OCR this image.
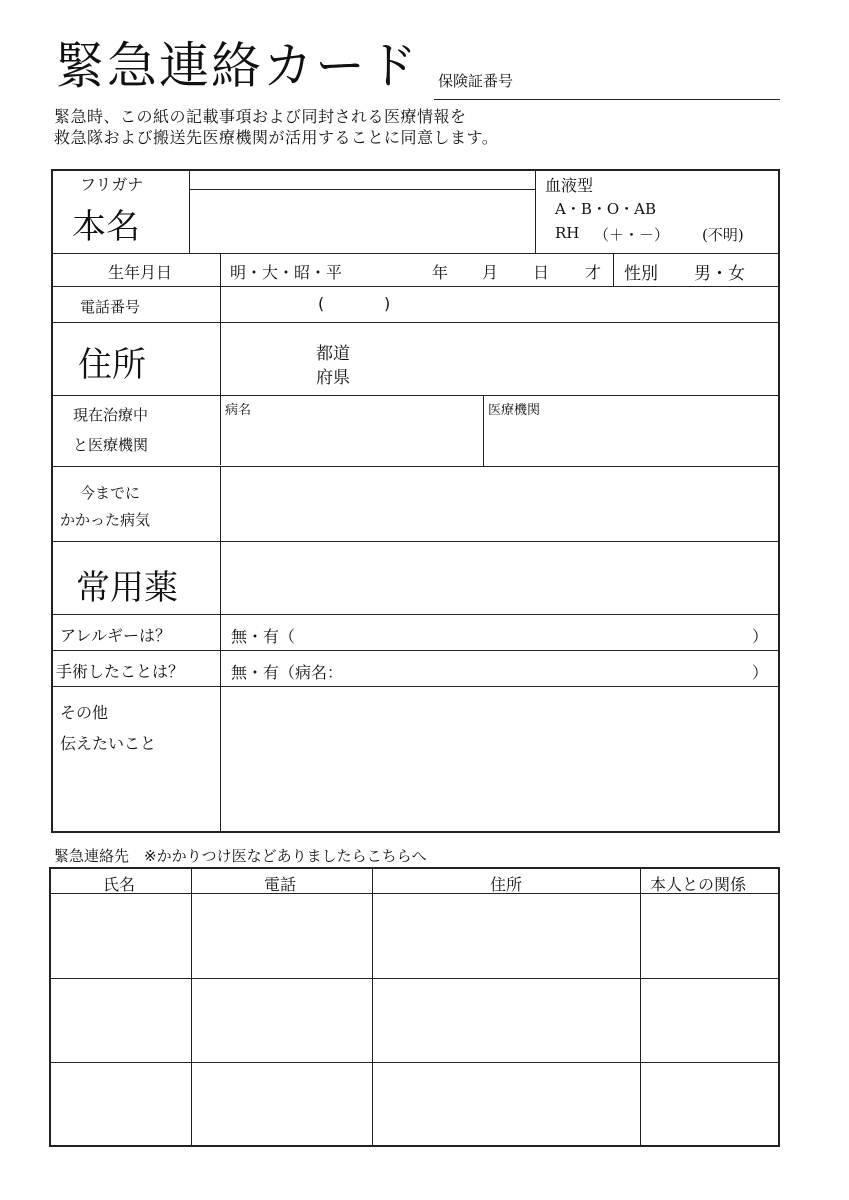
緊急連絡カード 保険証番号
緊急時、この紙の記載事項および同封される医療情報を
救急隊および搬送先医療機関が活用することに同意します。
フリガナ
本名
血液型
A・B・O・AB
RH （＋・－） (不明)
生年月日	明・大・昭・平	年 月 日 才 性別 男・女
電話番号	(	)
住所	都道
府県
現在治療中
と医療機関
病名	医療機関
今までに
かかった病気
常用薬
アレルギーは？	無・有（	）
手術したことは？	無・有（病名：	）
その他
伝えたいこと
緊急連絡先　※かかりつけ医などありましたらこちらへ
氏名	電話	住所	本人との関係
